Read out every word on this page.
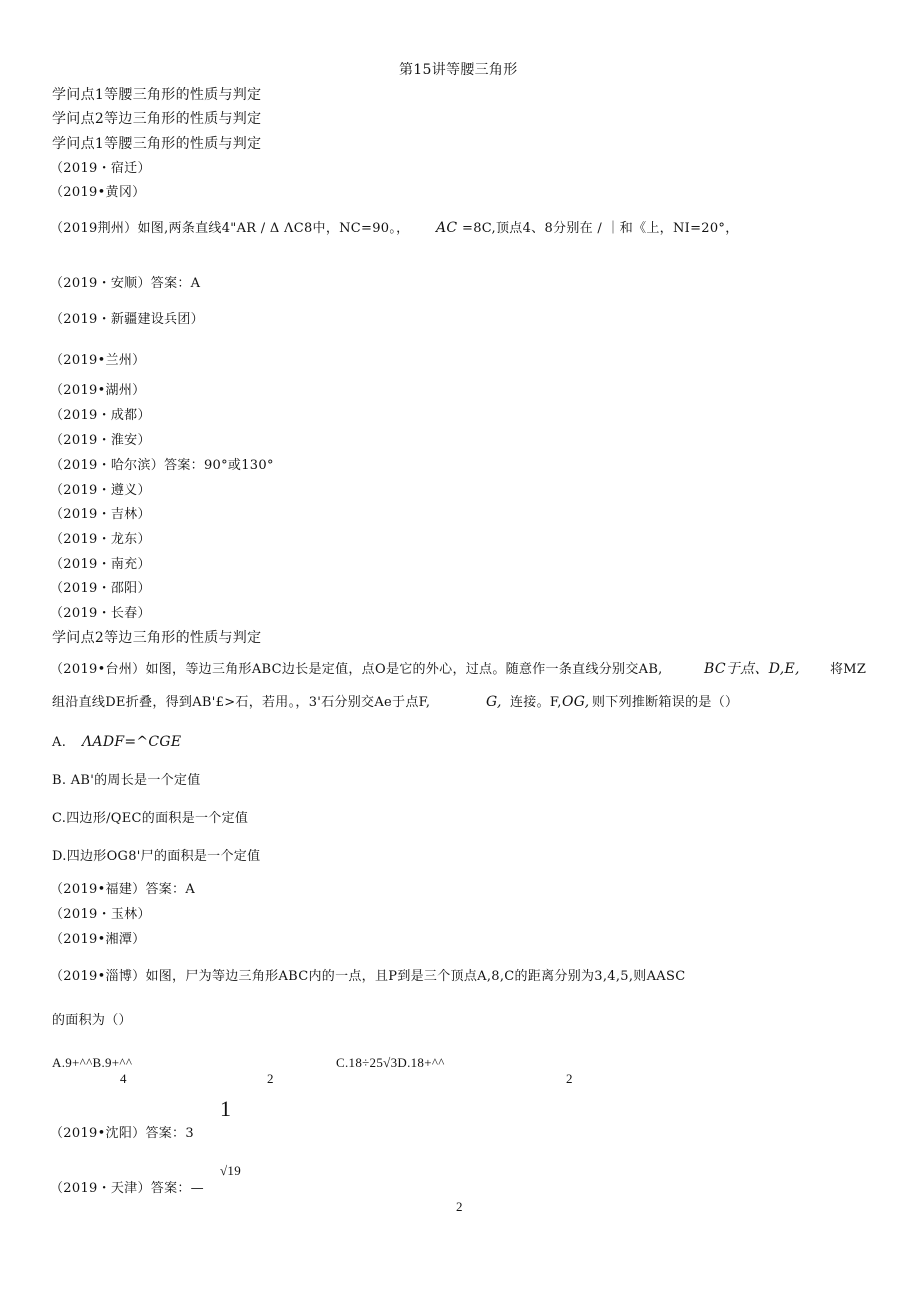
第15讲等腰三角形
学问点1等腰三角形的性质与判定
学问点2等边三角形的性质与判定
学问点1等腰三角形的性质与判定
（2019・宿迁）
（2019•黄冈）
（2019荆州）如图,两条直线4"AR / Δ ΛC8中，NC=90。， AC =8C,顶点4、8分别在 / ｜和《上，NI=20°，
（2019・安顺）答案：A
（2019・新疆建设兵团）
（2019•兰州）
（2019•湖州）
（2019・成都）
（2019・淮安）
（2019・哈尔滨）答案：90°或130°
（2019・遵义）
（2019・吉林）
（2019・龙东）
（2019・南充）
（2019・邵阳）
（2019・长春）
学问点2等边三角形的性质与判定
（2019•台州）如图，等边三角形ABC边长是定值，点O是它的外心，过点。随意作一条直线分别交AB,	BC于点、D,E, 将MZ
组沿直线DE折叠，得到AB'£>石，若用。，3'石分别交Ae于点F,	G, 连接。F, OG, 则下列推断箱误的是（）
A. ΛADF=^CGE
B. AB'的周长是一个定值
C.四边形/QEC的面积是一个定值
D.四边形OG8'尸的面积是一个定值
（2019•福建）答案：A
（2019・玉林）
（2019•湘潭）
（2019•淄博）如图，尸为等边三角形ABC内的一点，且P到是三个顶点A,8,C的距离分别为3,4,5,则AASC
的面积为（）
A.9+^^B.9+^^	C.18÷25√3D.18+^^
4	2	2
1
（2019•沈阳）答案：3
√19
（2019・天津）答案：—
2
